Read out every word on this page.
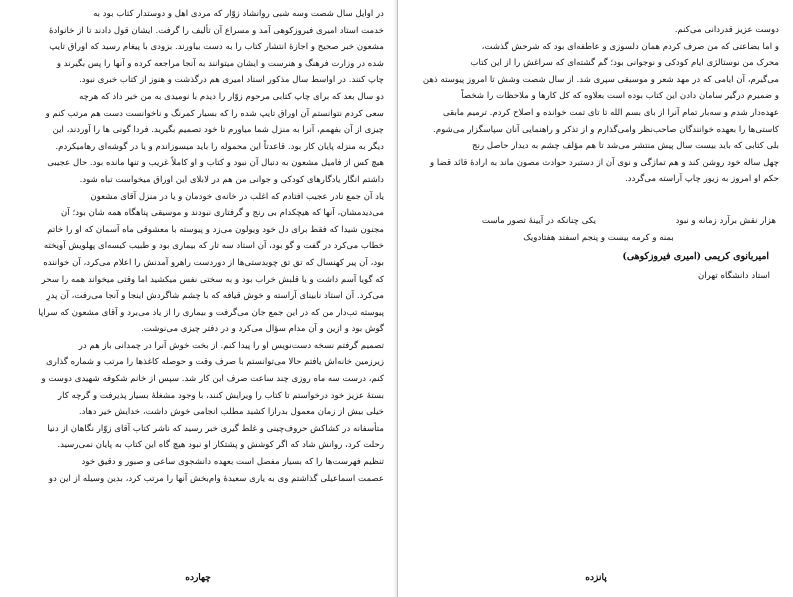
در اوایل سال شصت وسه شبی روانشاد زوّار که مردی اهل و دوستدار کتاب بود به
خدمت استاد امیری فیروزکوهی آمد و مسراع آن تألیف را گرفت. ایشان قول دادند تا از خانوادهٔ
مشعون خبر صحیح و اجازهٔ انتشار کتاب را به دست بیاورند. بزودی با پیغام رسید که اوراق تایپ
شده در وزارت فرهنگ و هنرست و ایشان میتوانند به آنجا مراجعه کرده و آنها را پس بگیرند و
چاپ کنند. در اواسط سال مذکور استاد امیری هم درگذشت و هنوز از کتاب خبری نبود.
دو سال بعد که برای چاپ کتابی مرحوم زوّار را دیدم با نومیدی به من خبر داد که هرچه
سعی کردم نتوانستم آن اوراق تایپ شده را که بسیار کمرنگ و ناخوانست دست هم مرتب کنم و
چیزی از آن بفهمم، آنرا به منزل شما میاورم تا خود تصمیم بگیرید. فردا گونی ها را آوردند، این
دیگر به منزله پایان کار بود. قاعدتاً این محموله را باید میسوزاندم و یا در گوشه‌ای رهامیکردم.
هیچ کس از فامیل مشعون به دنبال آن نبود و کتاب و او کاملاً غریب و تنها مانده بود. حال عجیبی
داشتم انگار یادگارهای کودکی و جوانی من هم در لابلای این اوراق میخواست تباه شود.
یاد آن جمع نادر عجیب افتادم که اغلب در خانه‌ی خودمان و یا در منزل آقای مشعون
می‌دیدمشان، آنها که هیچکدام بی رنج و گرفتاری نبودند و موسیقی پناهگاه همه شان بود؛ آن
مجنون شیدا که فقط برای دل خود ویولون می‌زد و پیوسته با معشوقی ماه آسمان که او را خاتم
خطاب می‌کرد در گفت و گو بود، آن استاد سه تار که بیماری بود و طبیب کیسه‌ای پهلویش آویخته
بود، آن پیر کهنسال که تق تق چوبدستی‌ها از دوردست راهرو آمدنش را اعلام می‌کرد، آن خواننده
که گویا آسم داشت و یا قلبش خراب بود و به سختی نفس میکشید اما وقتی میخواند همه را سحر
می‌کرد. آن استاد نابینای آراسته و خوش قیافه که با چشم شاگردش اینجا و آنجا می‌رفت، آن پدرِ
پیوسته تب‌دار من که در این جمع جان می‌گرفت و بیماری را از یاد می‌برد و آقای مشعون که سراپا
گوش بود و ازین و آن مدام سؤال می‌کرد و در دفتر چیزی می‌نوشت.
تصمیم گرفتم نسخه دست‌نویس او را پیدا کنم. از بخت خوش آنرا در چمدانی باز هم در
زیرزمین خانه‌اش یافتم حالا می‌توانستم با صرف وقت و حوصله کاغذها را مرتب و شماره گذاری
کنم، درست سه ماه روزی چند ساعت صرف این کار شد. سپس از خانم شکوفه شهیدی دوست و
بستهٔ عزیز خود درخواستم تا کتاب را ویرایش کنند، با وجود مشغلهٔ بسیار پذیرفت و گرچه کار
خیلی بیش از زمان معمول بدرازا کشید مطلب انجامی خوش داشت، خدایش خیر دهاد.
متأسفانه در کشاکش حروف‌چینی و غلط گیری خبر رسید که ناشر کتاب آقای زوّار نگاهان از دنیا
رحلت کرد، روانش شاد که اگر کوشش و پشتکار او نبود هیچ گاه این کتاب به پایان نمی‌رسید.
تنظیم فهرست‌ها را که بسیار مفصل است بعهده دانشجوی ساعی و صبور و دقیق خود
عصمت اسماعیلی گذاشتم وی به یاری سعیدهٔ وام‌بخش آنها را مرتب کرد، بدین وسیله از این دو
چهارده
دوست عزیز قدردانی می‌کنم.
و اما بضاعتی که من صرف کردم همان دلسوزی و عاطفه‌ای بود که شرحش گذشت،
محرک من نوستالژی ایام کودکی و نوجوانی بود؛ گم گشته‌ای که سراغش را از این کتاب
می‌گیرم، آن ایامی که در مهد شعر و موسیقی سپری شد. از سال شصت وشش تا امروز پیوسته ذهن
و ضمیرم درگیر سامان دادن این کتاب بوده است بعلاوه که کل کارها و ملاحظات را شخصاً
عهده‌دار شدم و سه‌بار تمام آنرا از بای بسم الله تا تای تمت خوانده و اصلاح کردم. ترمیم مابقی
کاستی‌ها را بعهده خوانندگان صاحب‌نظر وامی‌گذارم و از تذکر و راهنمایی آنان سپاسگزار می‌شوم.
بلی کتابی که باید بیست سال پیش منتشر می‌شد تا هم مؤلف چشم به دیدار حاصل رنج
چهل ساله خود روشن کند و هم تمازگی و نوی آن از دستبرد حوادث مصون ماند به ارادهٔ قائد قضا و
حکم او امروز به زیور چاپ آراسته می‌گردد.
هزار نقش برآرد زمانه و نبود
یکی چنانکه در آیینهٔ تصور ماست
بمنه و کرمه بیست و پنجم اسفند هفتادویک
امیربانوی کریمی (امیری فیروزکوهی)
استاد دانشگاه تهران
پانزده
